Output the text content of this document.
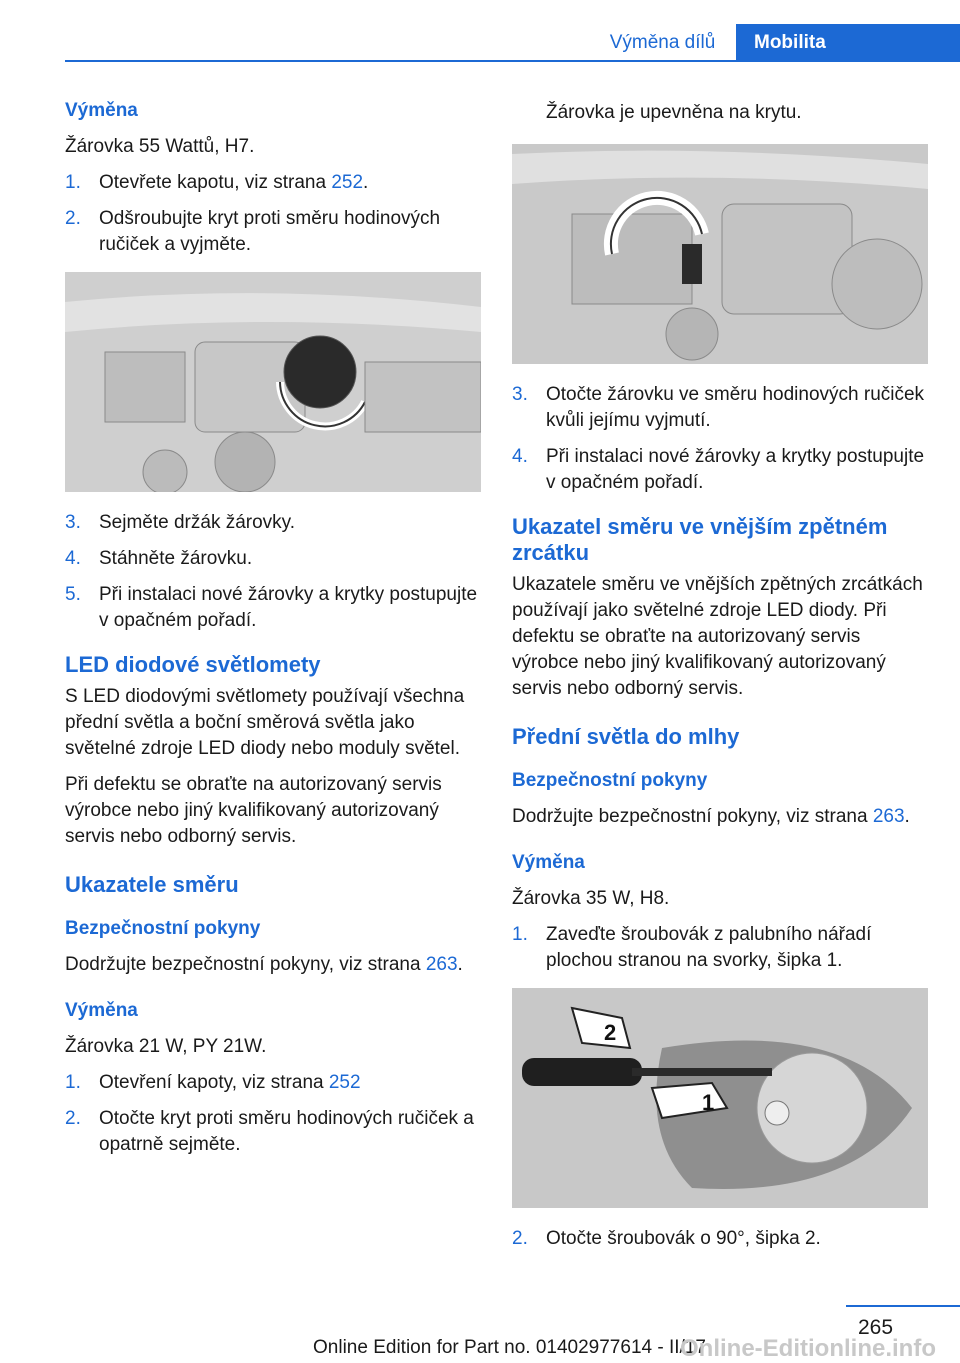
Výměna dílů	Mobilita
Výměna

Žárovka 55 Wattů, H7.

1. Otevřete kapotu, viz strana 252.
2. Odšroubujte kryt proti směru hodinových ručiček a vyjměte.
3. Sejměte držák žárovky.
4. Stáhněte žárovku.
5. Při instalaci nové žárovky a krytky postupujte v opačném pořadí.
LED diodové světlomety

S LED diodovými světlomety používají všechna přední světla a boční směrová světla jako světelné zdroje LED diody nebo moduly světel.

Při defektu se obraťte na autorizovaný servis výrobce nebo jiný kvalifikovaný autorizovaný servis nebo odborný servis.

Ukazatele směru
Bezpečnostní pokyny

Dodržujte bezpečnostní pokyny, viz strana 263.

Výměna

Žárovka 21 W, PY 21W.

1. Otevření kapoty, viz strana 252
2. Otočte kryt proti směru hodinových ručiček a opatrně sejměte.

Žárovka je upevněna na krytu.

3. Otočte žárovku ve směru hodinových ručiček kvůli jejímu vyjmutí.
4. Při instalaci nové žárovky a krytky postupujte v opačném pořadí.
Ukazatel směru ve vnějším zpětném zrcátku

Ukazatele směru ve vnějších zpětných zrcátkách používají jako světelné zdroje LED diody. Při defektu se obraťte na autorizovaný servis výrobce nebo jiný kvalifikovaný autorizovaný servis nebo odborný servis.

Přední světla do mlhy
Bezpečnostní pokyny

Dodržujte bezpečnostní pokyny, viz strana 263.

Výměna

Žárovka 35 W, H8.

1. Zaveďte šroubovák z palubního nářadí plochou stranou na svorky, šipka 1.
2
1
2. Otočte šroubovák o 90°, šipka 2.
265
Online Edition for Part no. 01402977614 - II/17
Online-Editionline.info
